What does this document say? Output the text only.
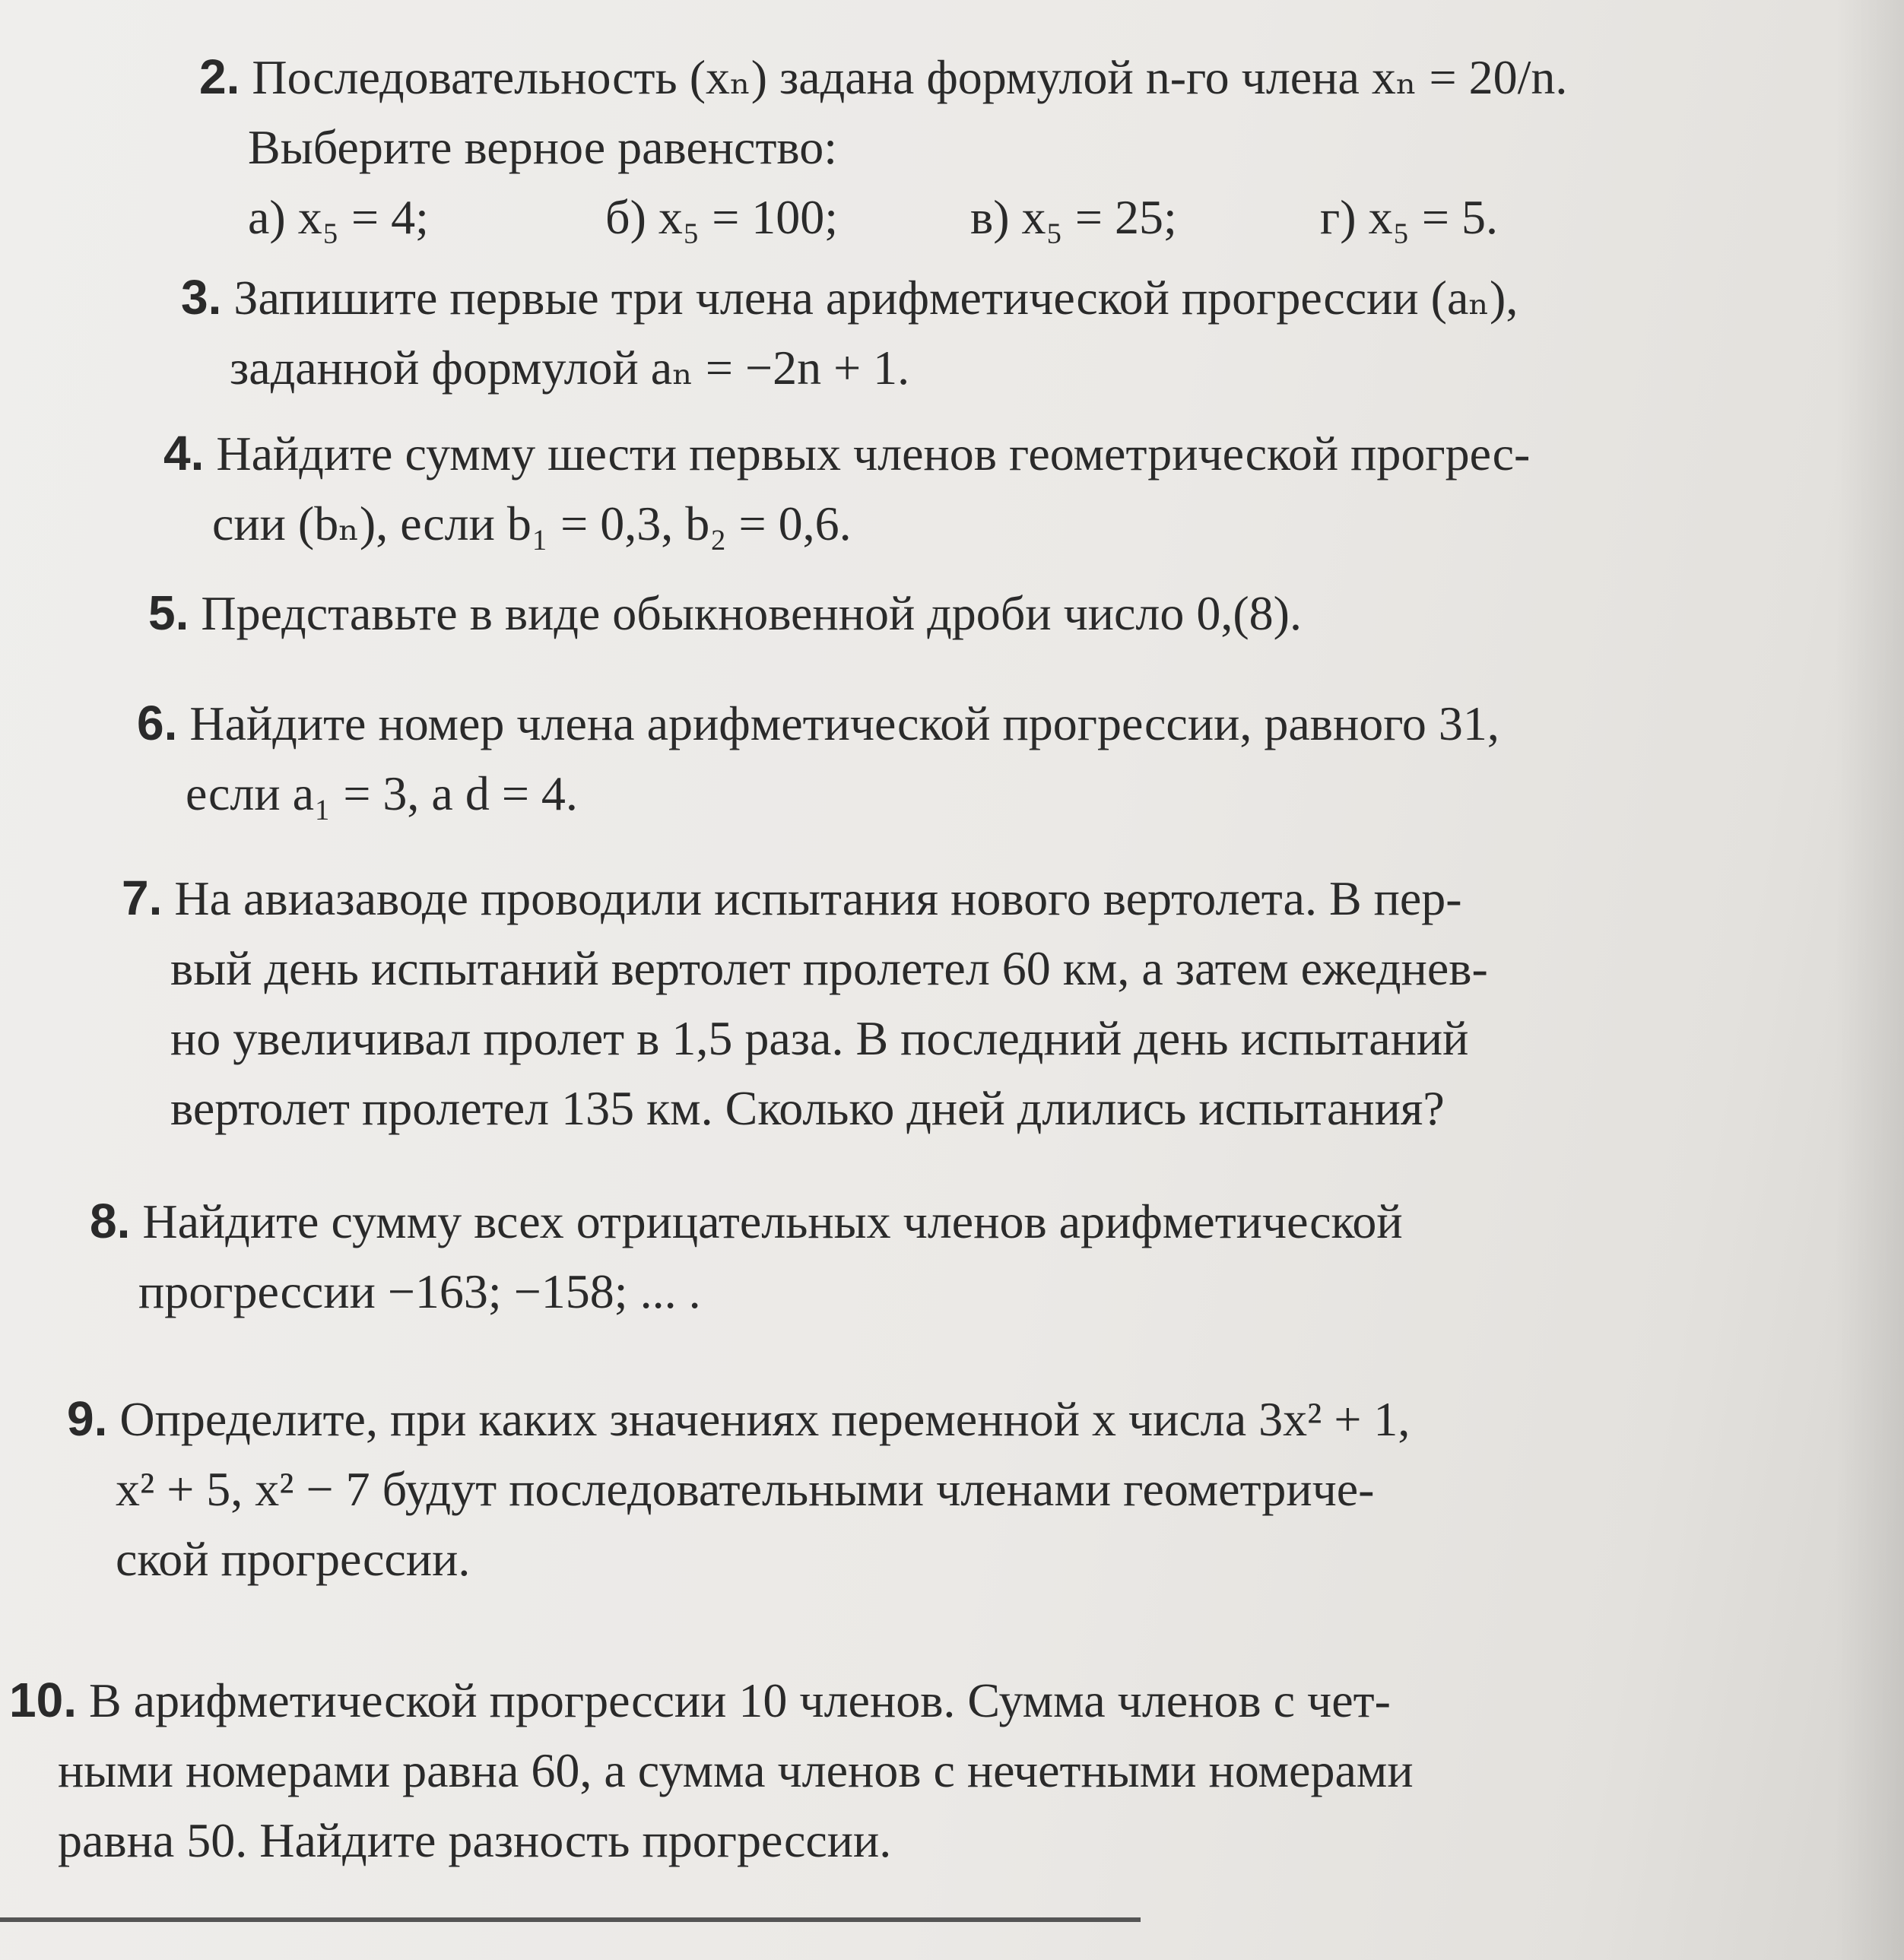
2. Последовательность (xₙ) задана формулой n-го члена xₙ = 20/n.
Выберите верное равенство:
а) x₅ = 4;	б) x₅ = 100;	в) x₅ = 25;	г) x₅ = 5.
3. Запишите первые три члена арифметической прогрессии (aₙ),
заданной формулой aₙ = −2n + 1.
4. Найдите сумму шести первых членов геометрической прогрес-
сии (bₙ), если b₁ = 0,3, b₂ = 0,6.
5. Представьте в виде обыкновенной дроби число 0,(8).
6. Найдите номер члена арифметической прогрессии, равного 31,
если a₁ = 3, а d = 4.
7. На авиазаводе проводили испытания нового вертолета. В пер-
вый день испытаний вертолет пролетел 60 км, а затем ежеднев-
но увеличивал пролет в 1,5 раза. В последний день испытаний
вертолет пролетел 135 км. Сколько дней длились испытания?
8. Найдите сумму всех отрицательных членов арифметической
прогрессии −163; −158; ... .
9. Определите, при каких значениях переменной x числа 3x² + 1,
x² + 5, x² − 7 будут последовательными членами геометриче-
ской прогрессии.
10. В арифметической прогрессии 10 членов. Сумма членов с чет-
ными номерами равна 60, а сумма членов с нечетными номерами
равна 50. Найдите разность прогрессии.
